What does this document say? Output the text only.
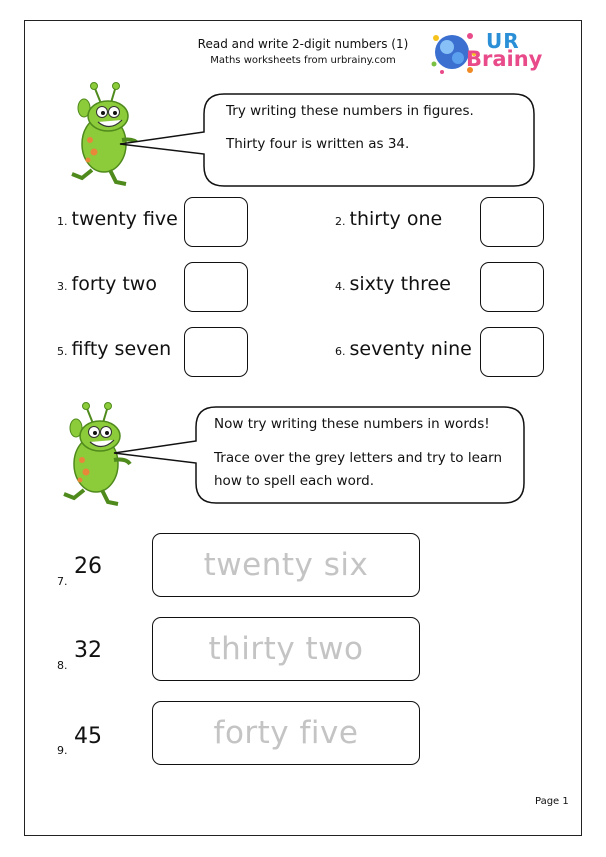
Read and write 2-digit numbers (1)
Maths worksheets from urbrainy.com
UR
Brainy
Try writing these numbers in figures.
Thirty four is written as 34.
1. twenty five	2. thirty one
3. forty two	4. sixty three
5. fifty seven	6. seventy nine
Now try writing these numbers in words!
Trace over the grey letters and try to learn
how to spell each word.
7.
26	twenty six
8.
32	thirty two
9.
45	forty five
Page 1
